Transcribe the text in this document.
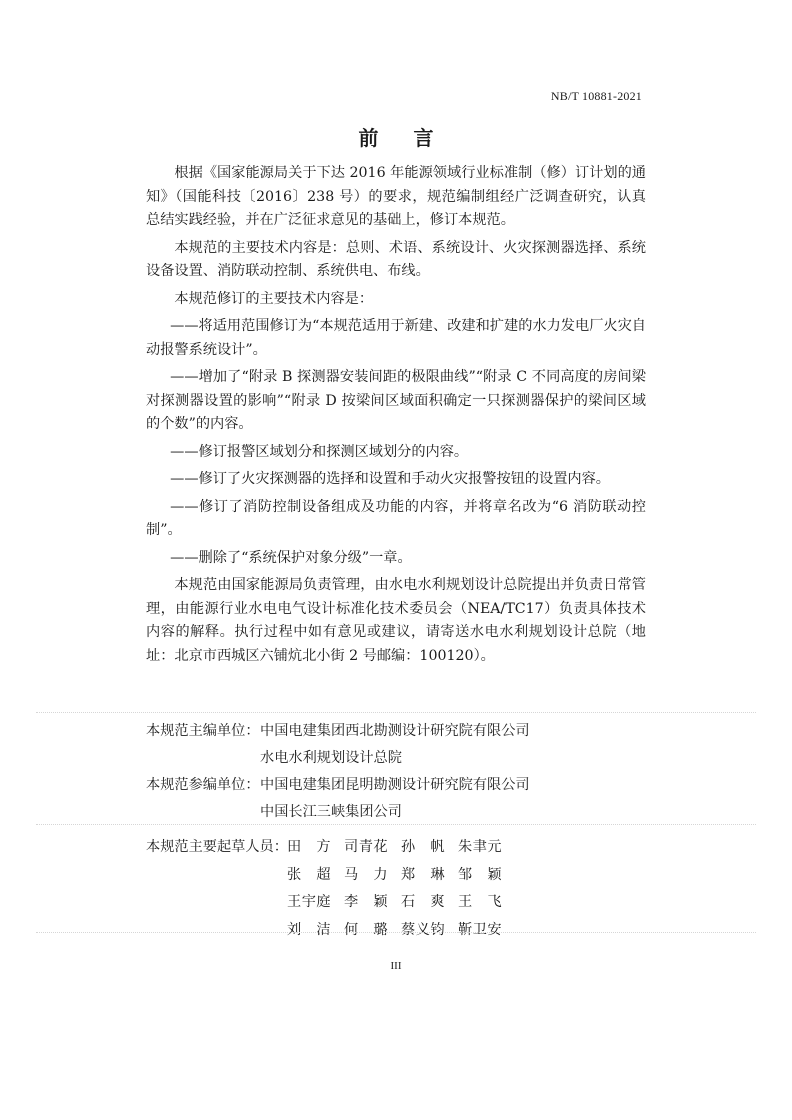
NB/T 10881-2021
前 言

根据《国家能源局关于下达 2016 年能源领域行业标准制（修）订计划的通知》（国能科技〔2016〕238 号）的要求，规范编制组经广泛调查研究，认真总结实践经验，并在广泛征求意见的基础上，修订本规范。

本规范的主要技术内容是：总则、术语、系统设计、火灾探测器选择、系统设备设置、消防联动控制、系统供电、布线。

本规范修订的主要技术内容是：

——将适用范围修订为“本规范适用于新建、改建和扩建的水力发电厂火灾自动报警系统设计”。

——增加了“附录 B 探测器安装间距的极限曲线”“附录 C 不同高度的房间梁对探测器设置的影响”“附录 D 按梁间区域面积确定一只探测器保护的梁间区域的个数”的内容。

——修订报警区域划分和探测区域划分的内容。

——修订了火灾探测器的选择和设置和手动火灾报警按钮的设置内容。

——修订了消防控制设备组成及功能的内容，并将章名改为“6 消防联动控制”。

——删除了“系统保护对象分级”一章。

本规范由国家能源局负责管理，由水电水利规划设计总院提出并负责日常管理，由能源行业水电电气设计标准化技术委员会（NEA/TC17）负责具体技术内容的解释。执行过程中如有意见或建议，请寄送水电水利规划设计总院（地址：北京市西城区六铺炕北小街 2 号邮编：100120）。

本规范主编单位： 中国电建集团西北勘测设计研究院有限公司
水电水利规划设计总院
本规范参编单位： 中国电建集团昆明勘测设计研究院有限公司
中国长江三峡集团公司
本规范主要起草人员： 田　方 司青花 孙　帆 朱聿元
张　超 马　力 郑　琳 邹　颖
王宇庭 李　颖 石　爽 王　飞
刘　洁 何　璐 蔡义钧 靳卫安
III
